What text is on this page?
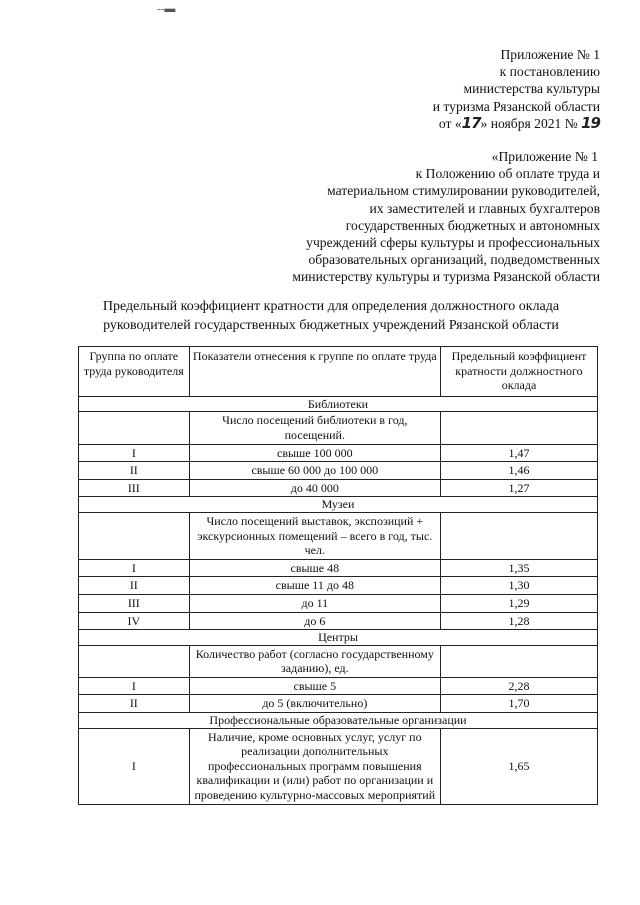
-‑▬
Приложение № 1
к постановлению
министерства культуры
и туризма Рязанской области
от «17» ноября 2021 № 19
«Приложение № 1
к Положению об оплате труда и
материальном стимулировании руководителей,
их заместителей и главных бухгалтеров
государственных бюджетных и автономных
учреждений сферы культуры и профессиональных
образовательных организаций, подведомственных
министерству культуры и туризма Рязанской области
Предельный коэффициент кратности для определения должностного оклада
руководителей государственных бюджетных учреждений Рязанской области
Группа по оплате труда руководителя	Показатели отнесения к группе по оплате труда	Предельный коэффициент кратности должностного оклада
Библиотеки		
	Число посещений библиотеки в год, посещений.	
I	свыше 100 000	1,47
II	свыше 60 000 до 100 000	1,46
III	до 40 000	1,27
Музеи		
	Число посещений выставок, экспозиций + экскурсионных помещений – всего в год, тыс. чел.	
I	свыше 48	1,35
II	свыше 11 до 48	1,30
III	до 11	1,29
IV	до 6	1,28
Центры		
	Количество работ (согласно государственному заданию), ед.	
I	свыше 5	2,28
II	до 5 (включительно)	1,70
Профессиональные образовательные организации		
I	Наличие, кроме основных услуг, услуг по реализации дополнительных профессиональных программ повышения квалификации и (или) работ по организации и проведению культурно-массовых мероприятий	1,65
